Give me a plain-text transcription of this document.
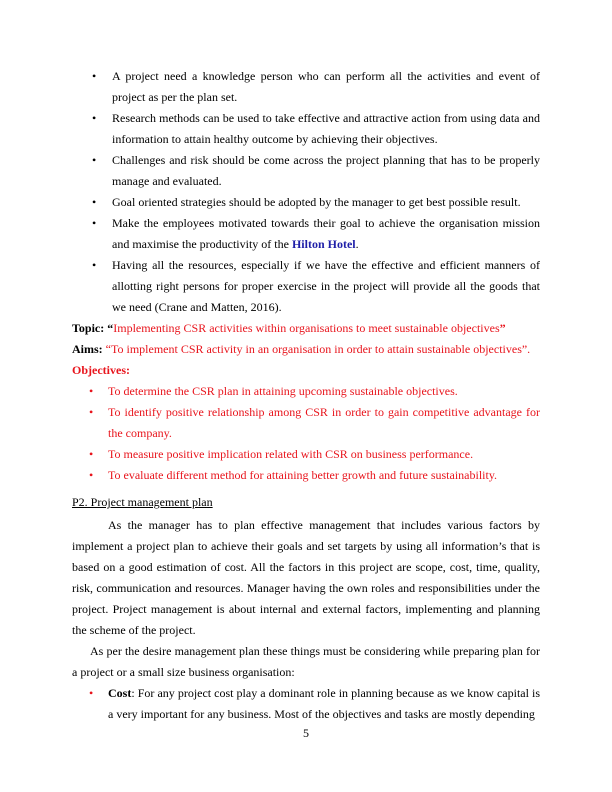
• A project need a knowledge person who can perform all the activities and event of project as per the plan set.
• Research methods can be used to take effective and attractive action from using data and information to attain healthy outcome by achieving their objectives.
• Challenges and risk should be come across the project planning that has to be properly manage and evaluated.
• Goal oriented strategies should be adopted by the manager to get best possible result.
• Make the employees motivated towards their goal to achieve the organisation mission and maximise the productivity of the Hilton Hotel.
• Having all the resources, especially if we have the effective and efficient manners of allotting right persons for proper exercise in the project will provide all the goods that we need (Crane and Matten, 2016).

Topic: “Implementing CSR activities within organisations to meet sustainable objectives”

Aims: “To implement CSR activity in an organisation in order to attain sustainable objectives”.

Objectives:

• To determine the CSR plan in attaining upcoming sustainable objectives.
• To identify positive relationship among CSR in order to gain competitive advantage for the company.
• To measure positive implication related with CSR on business performance.
• To evaluate different method for attaining better growth and future sustainability.

P2. Project management plan

As the manager has to plan effective management that includes various factors by implement a project plan to achieve their goals and set targets by using all information’s that is based on a good estimation of cost. All the factors in this project are scope, cost, time, quality, risk, communication and resources. Manager having the own roles and responsibilities under the project. Project management is about internal and external factors, implementing and planning the scheme of the project.

As per the desire management plan these things must be considering while preparing plan for a project or a small size business organisation:

• Cost: For any project cost play a dominant role in planning because as we know capital is a very important for any business. Most of the objectives and tasks are mostly depending
5
